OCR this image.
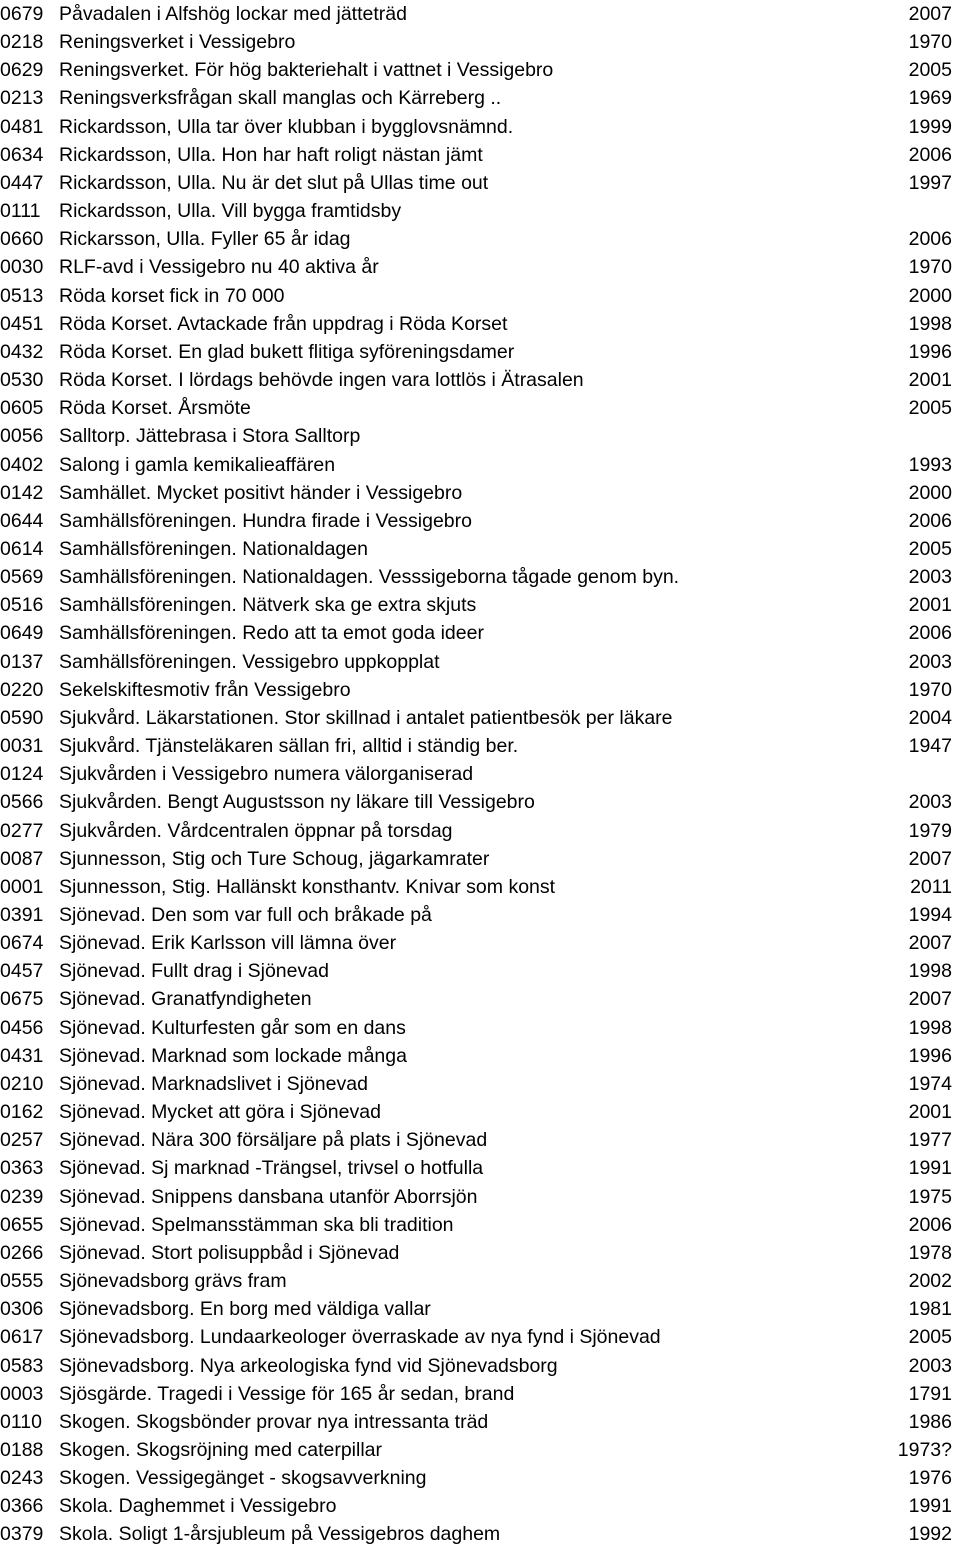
0679 Påvadalen i Alfshög lockar med jätteträd	2007
0218 Reningsverket i Vessigebro	1970
0629 Reningsverket. För hög bakteriehalt i vattnet i Vessigebro	2005
0213 Reningsverksfrågan skall manglas och Kärreberg ..	1969
0481 Rickardsson, Ulla tar över klubban i bygglovsnämnd.	1999
0634 Rickardsson, Ulla. Hon har haft roligt nästan jämt	2006
0447 Rickardsson, Ulla. Nu är det slut på Ullas time out	1997
0111 Rickardsson, Ulla. Vill bygga framtidsby
0660 Rickarsson, Ulla. Fyller 65 år idag	2006
0030 RLF-avd i Vessigebro nu 40 aktiva år	1970
0513 Röda korset fick in 70 000	2000
0451 Röda Korset. Avtackade från uppdrag i Röda Korset	1998
0432 Röda Korset. En glad bukett flitiga syföreningsdamer	1996
0530 Röda Korset. I lördags behövde ingen vara lottlös i Ätrasalen	2001
0605 Röda Korset. Årsmöte	2005
0056 Salltorp. Jättebrasa i Stora Salltorp
0402 Salong i gamla kemikalieaffären	1993
0142 Samhället. Mycket positivt händer i Vessigebro	2000
0644 Samhällsföreningen. Hundra firade i Vessigebro	2006
0614 Samhällsföreningen. Nationaldagen	2005
0569 Samhällsföreningen. Nationaldagen. Vesssigeborna tågade genom byn.	2003
0516 Samhällsföreningen. Nätverk ska ge extra skjuts	2001
0649 Samhällsföreningen. Redo att ta emot goda ideer	2006
0137 Samhällsföreningen. Vessigebro uppkopplat	2003
0220 Sekelskiftesmotiv från Vessigebro	1970
0590 Sjukvård. Läkarstationen. Stor skillnad i antalet patientbesök per läkare	2004
0031 Sjukvård. Tjänsteläkaren sällan fri, alltid i ständig ber.	1947
0124 Sjukvården i Vessigebro numera välorganiserad
0566 Sjukvården. Bengt Augustsson ny läkare till Vessigebro	2003
0277 Sjukvården. Vårdcentralen öppnar på torsdag	1979
0087 Sjunnesson, Stig och Ture Schoug, jägarkamrater	2007
0001 Sjunnesson, Stig. Hallänskt konsthantv. Knivar som konst	2011
0391 Sjönevad. Den som var full och bråkade på	1994
0674 Sjönevad. Erik Karlsson vill lämna över	2007
0457 Sjönevad. Fullt drag i Sjönevad	1998
0675 Sjönevad. Granatfyndigheten	2007
0456 Sjönevad. Kulturfesten går som en dans	1998
0431 Sjönevad. Marknad som lockade många	1996
0210 Sjönevad. Marknadslivet i Sjönevad	1974
0162 Sjönevad. Mycket att göra i Sjönevad	2001
0257 Sjönevad. Nära 300 försäljare på plats i Sjönevad	1977
0363 Sjönevad. Sj marknad -Trängsel, trivsel o hotfulla	1991
0239 Sjönevad. Snippens dansbana utanför Aborrsjön	1975
0655 Sjönevad. Spelmansstämman ska bli tradition	2006
0266 Sjönevad. Stort polisuppbåd i Sjönevad	1978
0555 Sjönevadsborg grävs fram	2002
0306 Sjönevadsborg. En borg med väldiga vallar	1981
0617 Sjönevadsborg. Lundaarkeologer överraskade av nya fynd i Sjönevad	2005
0583 Sjönevadsborg. Nya arkeologiska fynd vid Sjönevadsborg	2003
0003 Sjösgärde. Tragedi i Vessige för 165 år sedan, brand	1791
0110 Skogen. Skogsbönder provar nya intressanta träd	1986
0188 Skogen. Skogsröjning med caterpillar	1973?
0243 Skogen. Vessigegänget - skogsavverkning	1976
0366 Skola. Daghemmet i Vessigebro	1991
0379 Skola. Soligt 1-årsjubleum på Vessigebros daghem	1992
